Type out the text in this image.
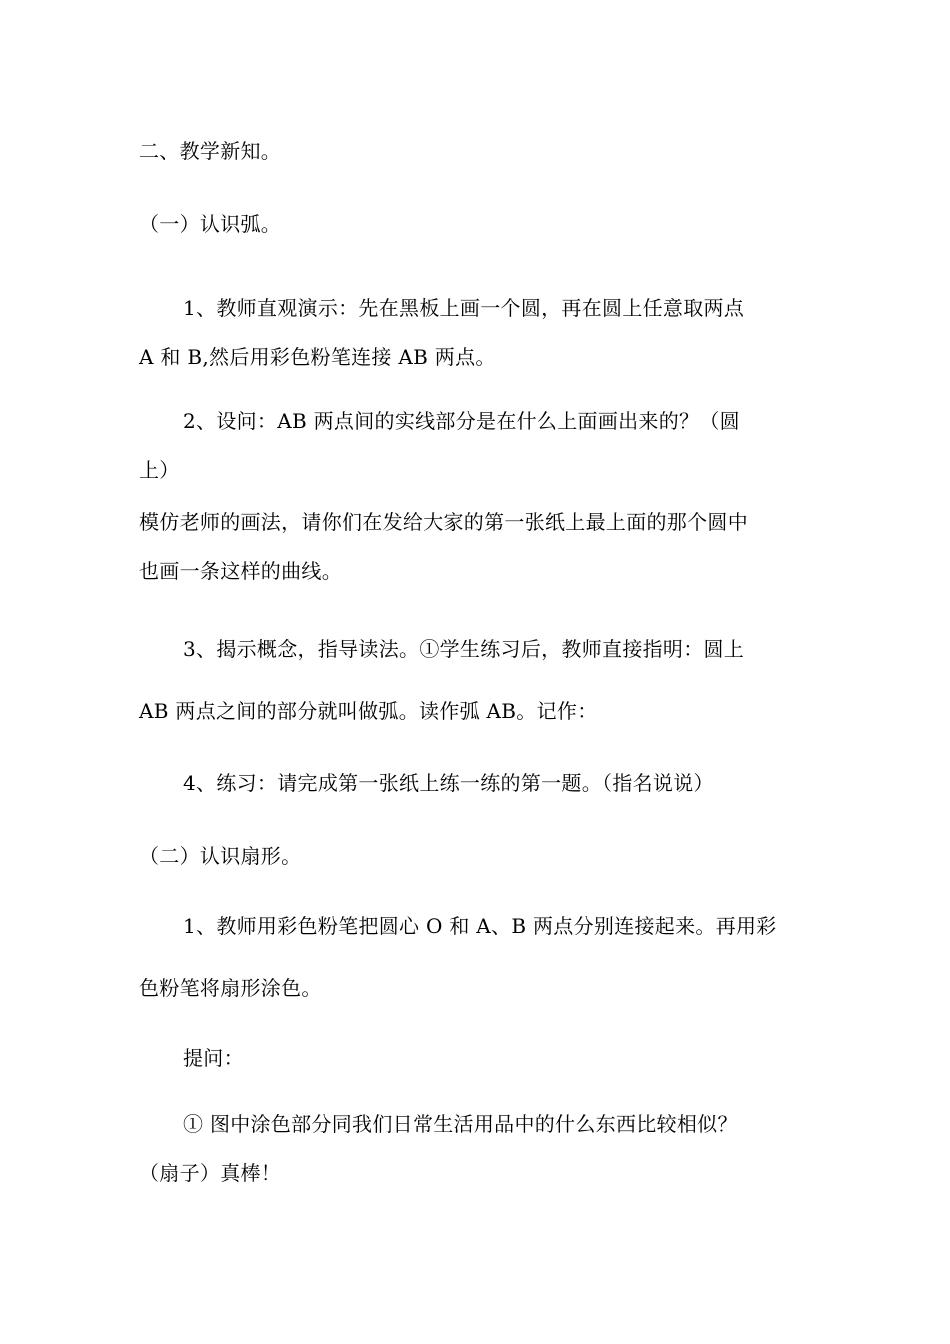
二、教学新知。
（一）认识弧。
1、教师直观演示：先在黑板上画一个圆，再在圆上任意取两点
A 和 B,然后用彩色粉笔连接 AB 两点。
2、设问：AB 两点间的实线部分是在什么上面画出来的？（圆
上）
模仿老师的画法，请你们在发给大家的第一张纸上最上面的那个圆中
也画一条这样的曲线。
3、揭示概念，指导读法。①学生练习后，教师直接指明：圆上
AB 两点之间的部分就叫做弧。读作弧 AB。记作：
4、练习：请完成第一张纸上练一练的第一题。（指名说说）
（二）认识扇形。
1、教师用彩色粉笔把圆心 O 和 A、B 两点分别连接起来。再用彩
色粉笔将扇形涂色。
提问：
① 图中涂色部分同我们日常生活用品中的什么东西比较相似？
（扇子）真棒！
